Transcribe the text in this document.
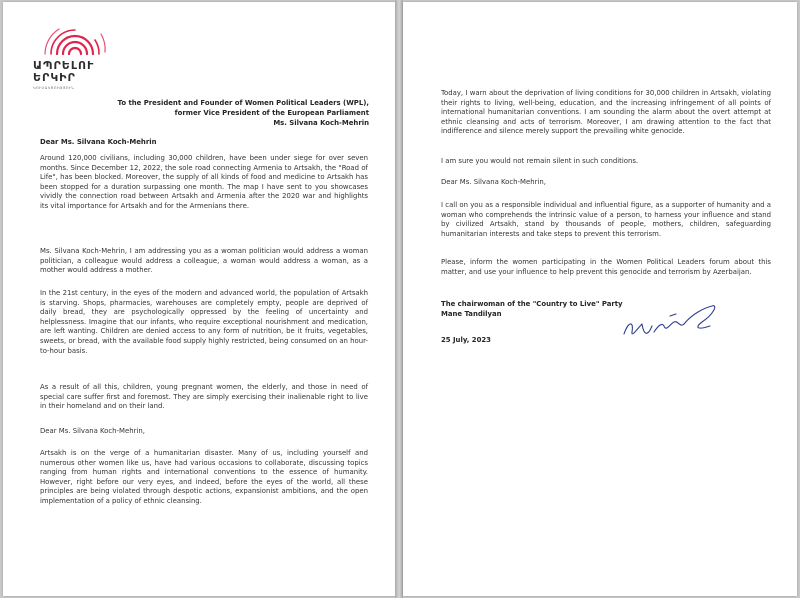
ԱՊՐԵԼՈՒ
ԵՐԿԻՐ
ԿՈՒՍԱԿՑՈՒԹՅՈՒՆ

To the President and Founder of Women Political Leaders (WPL),

former Vice President of the European Parliament

Ms. Silvana Koch-Mehrin

Dear Ms. Silvana Koch-Mehrin

Around 120,000 civilians, including 30,000 children, have been under siege for over seven months. Since December 12, 2022, the sole road connecting Armenia to Artsakh, the "Road of Life", has been blocked. Moreover, the supply of all kinds of food and medicine to Artsakh has been stopped for a duration surpassing one month. The map I have sent to you showcases vividly the connection road between Artsakh and Armenia after the 2020 war and highlights its vital importance for Artsakh and for the Armenians there.

Ms. Silvana Koch-Mehrin, I am addressing you as a woman politician would address a woman politician, a colleague would address a colleague, a woman would address a woman, as a mother would address a mother.

In the 21st century, in the eyes of the modern and advanced world, the population of Artsakh is starving. Shops, pharmacies, warehouses are completely empty, people are deprived of daily bread, they are psychologically oppressed by the feeling of uncertainty and helplessness. Imagine that our infants, who require exceptional nourishment and medication, are left wanting. Children are denied access to any form of nutrition, be it fruits, vegetables, sweets, or bread, with the available food supply highly restricted, being consumed on an hour-to-hour basis.

As a result of all this, children, young pregnant women, the elderly, and those in need of special care suffer first and foremost. They are simply exercising their inalienable right to live in their homeland and on their land.

Dear Ms. Silvana Koch-Mehrin,

Artsakh is on the verge of a humanitarian disaster. Many of us, including yourself and numerous other women like us, have had various occasions to collaborate, discussing topics ranging from human rights and international conventions to the essence of humanity. However, right before our very eyes, and indeed, before the eyes of the world, all these principles are being violated through despotic actions, expansionist ambitions, and the open implementation of a policy of ethnic cleansing.

Today, I warn about the deprivation of living conditions for 30,000 children in Artsakh, violating their rights to living, well-being, education, and the increasing infringement of all points of international humanitarian conventions. I am sounding the alarm about the overt attempt at ethnic cleansing and acts of terrorism. Moreover, I am drawing attention to the fact that indifference and silence merely support the prevailing white genocide.

I am sure you would not remain silent in such conditions.

Dear Ms. Silvana Koch-Mehrin,

I call on you as a responsible individual and influential figure, as a supporter of humanity and a woman who comprehends the intrinsic value of a person, to harness your influence and stand by civilized Artsakh, stand by thousands of people, mothers, children, safeguarding humanitarian interests and take steps to prevent this terrorism.

Please, inform the women participating in the Women Political Leaders forum about this matter, and use your influence to help prevent this genocide and terrorism by Azerbaijan.

The chairwoman of the "Country to Live" Party

Mane Tandilyan

25 July, 2023
